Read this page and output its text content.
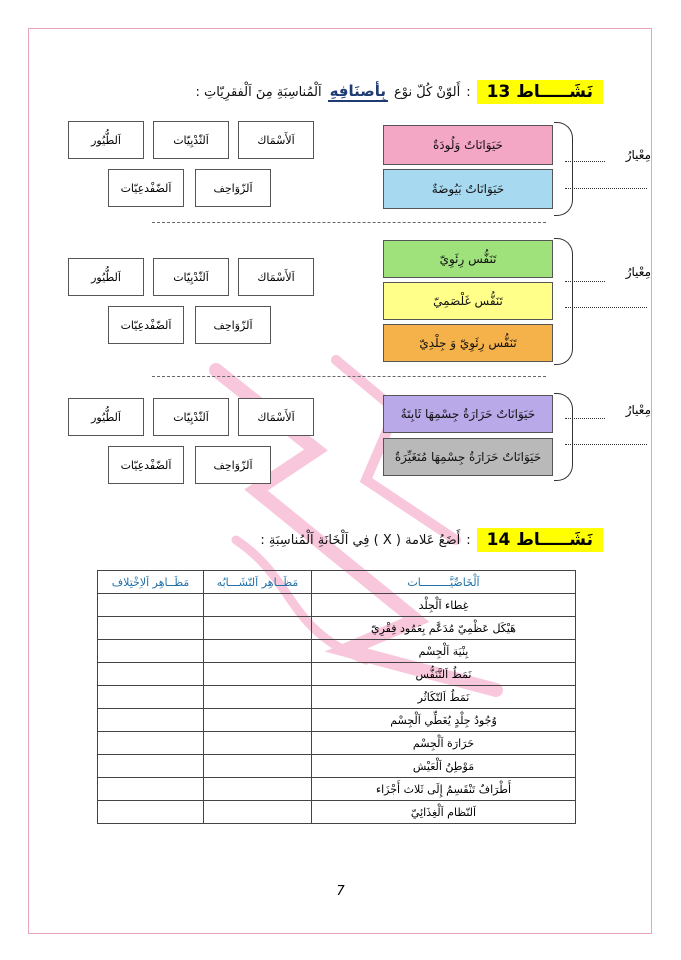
نَشَـــــاط 13
:
أَلوّنْ كُلّ نوْع
بِأصنَافِهِ
اَلْمُناسِبَةِ مِنَ اَلْفقرِيّاتِ :
مِعْيارُ
حَيَوَانَاتٌ وَلُودَةٌ
حَيَوَانَاتٌ بَيُوضَةٌ
اَلطُّيُور	اَلثّدْيِيّات	اَلأَسْمَاك
اَلضّفْدعِيّات	اَلزّوَاحِف
مِعْيارُ
تَنَفُّس رِئَوِيّ
تَنَفُّس غَلْصَمِيّ
تَنَفُّس رِئَوِيّ وَ جِلْدِيّ
اَلطُّيُور	اَلثّدْيِيّات	اَلأَسْمَاك
اَلضّفْدعِيّات	اَلزّوَاحِف
مِعْيارُ
حَيَوَانَاتٌ حَرَارَةُ جِسْمِهَا ثَابِتَةٌ
حَيَوَانَاتٌ حَرَارَةُ جِسْمِهَا مُتَغَيِّرَةٌ
اَلطُّيُور	اَلثّدْيِيّات	اَلأَسْمَاك
اَلضّفْدعِيّات	اَلزّوَاحِف
نَشَـــــاط 14
:
أَضَعُ عَلامة ( X ) فِي اَلْخَانَةِ اَلْمُناسِبَةِ :
مَظَــاهِر اَلاِخْتِلاف	مَظَــاهِر اَلتّشَـــابُه	اَلْخَاصِّيَّـــــــــات
		غِطاء اَلْجِلْد
		هَيْكَل عَظْمِيّ مُدَعَّم بِعَمُود فِقْرِيّ
		بِنْيَة اَلْجِسْم
		نَمَطُ اَلتَّنَفُّس
		نَمَطُ اَلتّكَاثُر
		وُجُودُ جِلْدٍ يُغَطِّي اَلْجِسْم
		حَرَارَة اَلْجِسْم
		مَوْطِنُ اَلْعَيْش
		أَطْرَافٌ تَنْقَسِمُ إِلَى ثَلاث أَجْزَاء
		اَلنّظام اَلْغِذَائِيّ
7
